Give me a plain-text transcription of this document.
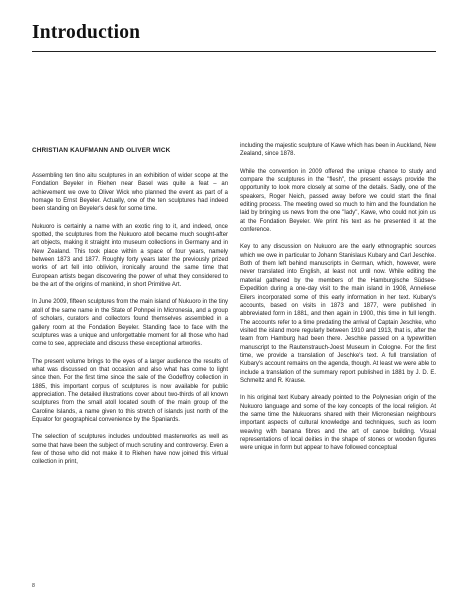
Introduction
CHRISTIAN KAUFMANN AND OLIVER WICK

Assembling ten tino aitu sculptures in an exhibition of wider scope at the Fondation Beyeler in Riehen near Basel was quite a feat – an achievement we owe to Oliver Wick who planned the event as part of a homage to Ernst Beyeler. Actually, one of the ten sculptures had indeed been standing on Beyeler's desk for some time.

Nukuoro is certainly a name with an exotic ring to it, and indeed, once spotted, the sculptures from the Nukuoro atoll became much sought-after art objects, making it straight into museum collections in Germany and in New Zealand. This took place within a space of four years, namely between 1873 and 1877. Roughly forty years later the previously prized works of art fell into oblivion, ironically around the same time that European artists began discovering the power of what they considered to be the art of the origins of mankind, in short Primitive Art.

In June 2009, fifteen sculptures from the main island of Nukuoro in the tiny atoll of the same name in the State of Pohnpei in Micronesia, and a group of scholars, curators and collectors found themselves assembled in a gallery room at the Fondation Beyeler. Standing face to face with the sculptures was a unique and unforgettable moment for all those who had come to see, appreciate and discuss these exceptional artworks.

The present volume brings to the eyes of a larger audience the results of what was discussed on that occasion and also what has come to light since then. For the first time since the sale of the Godeffroy collection in 1885, this important corpus of sculptures is now available for public appreciation. The detailed illustrations cover about two-thirds of all known sculptures from the small atoll located south of the main group of the Caroline Islands, a name given to this stretch of islands just north of the Equator for geographical convenience by the Spaniards.

The selection of sculptures includes undoubted masterworks as well as some that have been the subject of much scrutiny and controversy. Even a few of those who did not make it to Riehen have now joined this virtual collection in print,

including the majestic sculpture of Kawe which has been in Auckland, New Zealand, since 1878.

While the convention in 2009 offered the unique chance to study and compare the sculptures in the "flesh", the present essays provide the opportunity to look more closely at some of the details. Sadly, one of the speakers, Roger Neich, passed away before we could start the final editing process. The meeting owed so much to him and the foundation he laid by bringing us news from the one "lady", Kawe, who could not join us at the Fondation Beyeler. We print his text as he presented it at the conference.

Key to any discussion on Nukuoro are the early ethnographic sources which we owe in particular to Johann Stanislaus Kubary and Carl Jeschke. Both of them left behind manuscripts in German, which, however, were never translated into English, at least not until now. While editing the material gathered by the members of the Hamburgische Südsee-Expedition during a one-day visit to the main island in 1908, Anneliese Eilers incorporated some of this early information in her text. Kubary's accounts, based on visits in 1873 and 1877, were published in abbreviated form in 1881, and then again in 1900, this time in full length. The accounts refer to a time predating the arrival of Captain Jeschke, who visited the island more regularly between 1910 and 1913, that is, after the team from Hamburg had been there. Jeschke passed on a typewritten manuscript to the Rautenstrauch-Joest Museum in Cologne. For the first time, we provide a translation of Jeschke's text. A full translation of Kubary's account remains on the agenda, though. At least we were able to include a translation of the summary report published in 1881 by J. D. E. Schmeltz and R. Krause.

In his original text Kubary already pointed to the Polynesian origin of the Nukuoro language and some of the key concepts of the local religion. At the same time the Nukuorans shared with their Micronesian neighbours important aspects of cultural knowledge and techniques, such as loom weaving with banana fibres and the art of canoe building. Visual representations of local deities in the shape of stones or wooden figures were unique in form but appear to have followed conceptual

8
